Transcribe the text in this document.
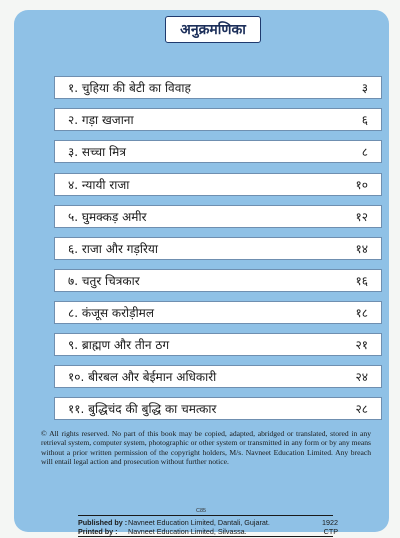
अनुक्रमणिका
१. चुहिया की बेटी का विवाह	३
२. गड़ा खजाना	६
३. सच्चा मित्र	८
४. न्यायी राजा	१०
५. घुमक्कड़ अमीर	१२
६. राजा और गड़रिया	१४
७. चतुर चित्रकार	१६
८. कंजूस करोड़ीमल	१८
९. ब्राह्मण और तीन ठग	२१
१०. बीरबल और बेईमान अधिकारी	२४
११. बुद्धिचंद की बुद्धि का चमत्कार	२८
© All rights reserved. No part of this book may be copied, adapted, abridged or translated, stored in any retrieval system, computer system, photographic or other system or transmitted in any form or by any means without a prior written permission of the copyright holders, M/s. Navneet Education Limited. Any breach will entail legal action and prosecution without further notice.
C85
Published by : Navneet Education Limited, Dantali, Gujarat.	1922
Printed by :	Navneet Education Limited, Silvassa.	CTP
